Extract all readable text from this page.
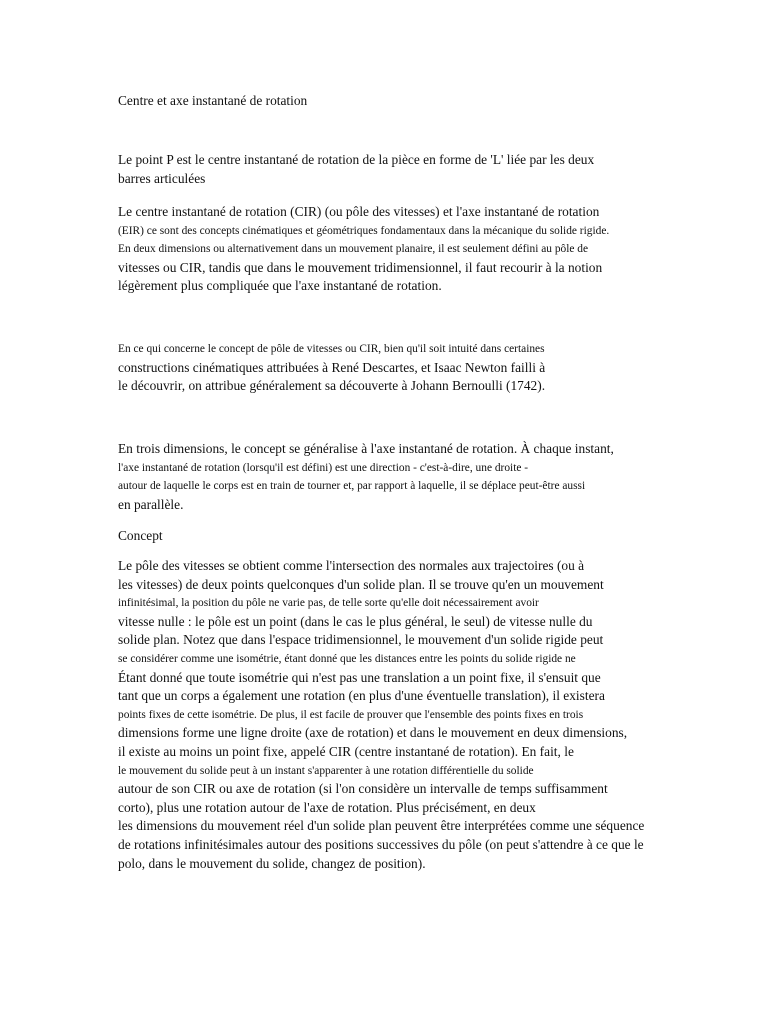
Centre et axe instantané de rotation
Le point P est le centre instantané de rotation de la pièce en forme de 'L' liée par les deux
barres articulées
Le centre instantané de rotation (CIR) (ou pôle des vitesses) et l'axe instantané de rotation
(EIR) ce sont des concepts cinématiques et géométriques fondamentaux dans la mécanique du solide rigide.
En deux dimensions ou alternativement dans un mouvement planaire, il est seulement défini au pôle de
vitesses ou CIR, tandis que dans le mouvement tridimensionnel, il faut recourir à la notion
légèrement plus compliquée que l'axe instantané de rotation.
En ce qui concerne le concept de pôle de vitesses ou CIR, bien qu'il soit intuité dans certaines
constructions cinématiques attribuées à René Descartes, et Isaac Newton failli à
le découvrir, on attribue généralement sa découverte à Johann Bernoulli (1742).
En trois dimensions, le concept se généralise à l'axe instantané de rotation. À chaque instant,
l'axe instantané de rotation (lorsqu'il est défini) est une direction - c'est-à-dire, une droite -
autour de laquelle le corps est en train de tourner et, par rapport à laquelle, il se déplace peut-être aussi
en parallèle.
Concept
Le pôle des vitesses se obtient comme l'intersection des normales aux trajectoires (ou à
les vitesses) de deux points quelconques d'un solide plan. Il se trouve qu'en un mouvement
infinitésimal, la position du pôle ne varie pas, de telle sorte qu'elle doit nécessairement avoir
vitesse nulle : le pôle est un point (dans le cas le plus général, le seul) de vitesse nulle du
solide plan. Notez que dans l'espace tridimensionnel, le mouvement d'un solide rigide peut
se considérer comme une isométrie, étant donné que les distances entre les points du solide rigide ne
Étant donné que toute isométrie qui n'est pas une translation a un point fixe, il s'ensuit que
tant que un corps a également une rotation (en plus d'une éventuelle translation), il existera
points fixes de cette isométrie. De plus, il est facile de prouver que l'ensemble des points fixes en trois
dimensions forme une ligne droite (axe de rotation) et dans le mouvement en deux dimensions,
il existe au moins un point fixe, appelé CIR (centre instantané de rotation). En fait, le
le mouvement du solide peut à un instant s'apparenter à une rotation différentielle du solide
autour de son CIR ou axe de rotation (si l'on considère un intervalle de temps suffisamment
corto), plus une rotation autour de l'axe de rotation. Plus précisément, en deux
les dimensions du mouvement réel d'un solide plan peuvent être interprétées comme une séquence
de rotations infinitésimales autour des positions successives du pôle (on peut s'attendre à ce que le
polo, dans le mouvement du solide, changez de position).
